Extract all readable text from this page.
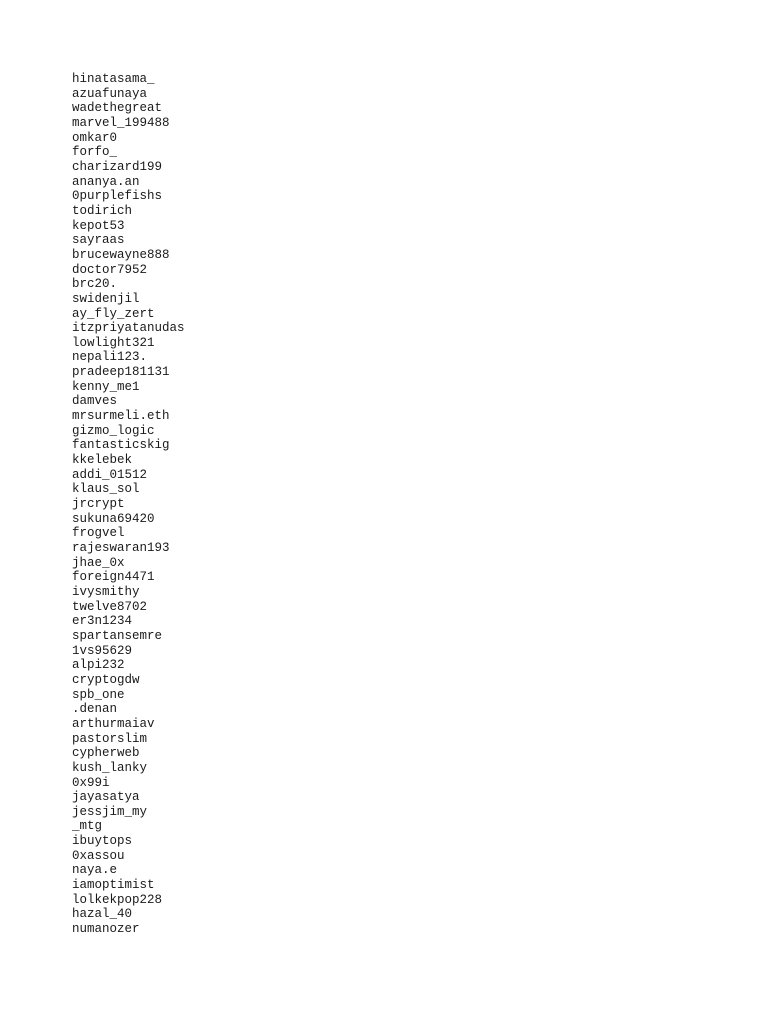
hinatasama_
azuafunaya
wadethegreat
marvel_199488
omkar0
forfo_
charizard199
ananya.an
0purplefishs
todirich
kepot53
sayraas
brucewayne888
doctor7952
brc20.
swidenjil
ay_fly_zert
itzpriyatanudas
lowlight321
nepali123.
pradeep181131
kenny_me1
damves
mrsurmeli.eth
gizmo_logic
fantasticskig
kkelebek
addi_01512
klaus_sol
jrcrypt
sukuna69420
frogvel
rajeswaran193
jhae_0x
foreign4471
ivysmithy
twelve8702
er3n1234
spartansemre
1vs95629
alpi232
cryptogdw
spb_one
.denan
arthurmaiav
pastorslim
cypherweb
kush_lanky
0x99i
jayasatya
jessjim_my
_mtg
ibuytops
0xassou
naya.e
iamoptimist
lolkekpop228
hazal_40
numanozer
